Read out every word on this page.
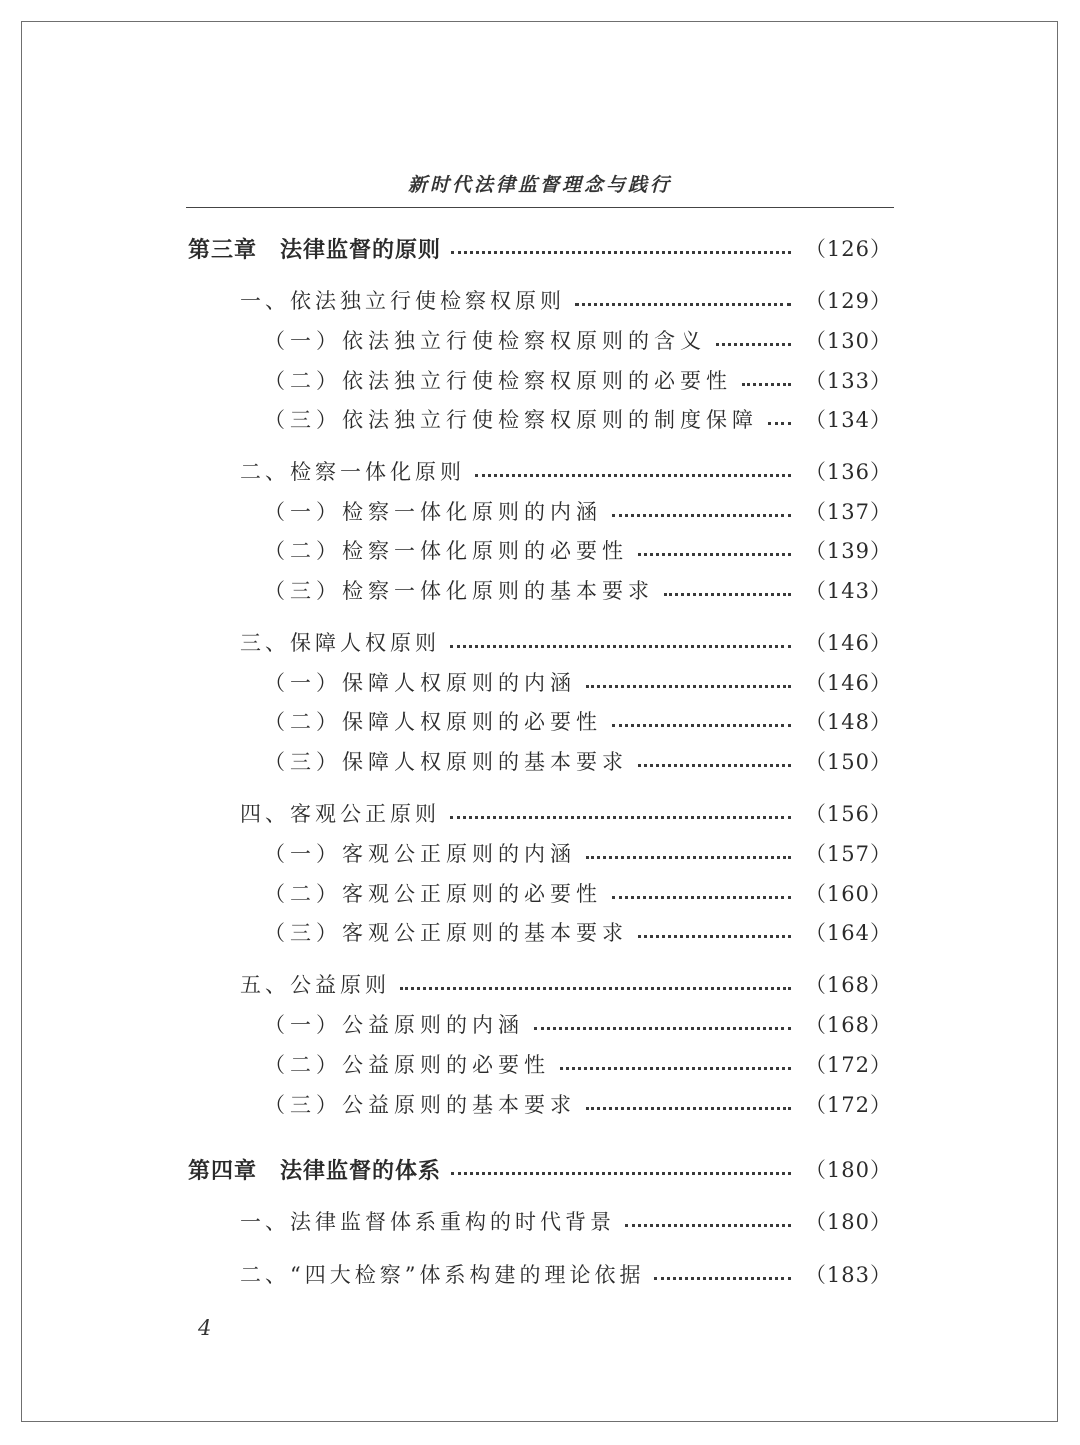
新时代法律监督理念与践行
第三章　法律监督的原则	（126）
一、依法独立行使检察权原则	（129）
（一）依法独立行使检察权原则的含义	（130）
（二）依法独立行使检察权原则的必要性	（133）
（三）依法独立行使检察权原则的制度保障 （134）
二、检察一体化原则	（136）
（一）检察一体化原则的内涵	（137）
（二）检察一体化原则的必要性	（139）
（三）检察一体化原则的基本要求	（143）
三、保障人权原则	（146）
（一）保障人权原则的内涵	（146）
（二）保障人权原则的必要性	（148）
（三）保障人权原则的基本要求	（150）
四、客观公正原则	（156）
（一）客观公正原则的内涵	（157）
（二）客观公正原则的必要性	（160）
（三）客观公正原则的基本要求	（164）
五、公益原则	（168）
（一）公益原则的内涵	（168）
（二）公益原则的必要性	（172）
（三）公益原则的基本要求	（172）
第四章　法律监督的体系	（180）
一、法律监督体系重构的时代背景	（180）
二、“四大检察”体系构建的理论依据	（183）
4
